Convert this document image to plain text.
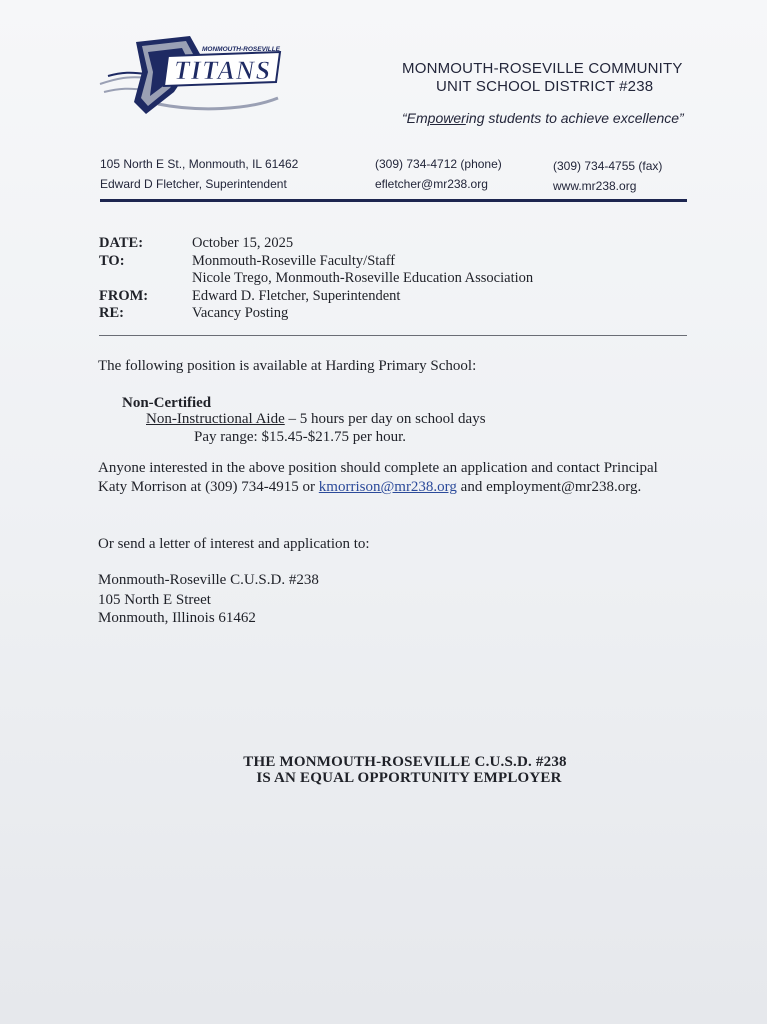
MONMOUTH-ROSEVILLE
TITANS	MONMOUTH-ROSEVILLE COMMUNITY
UNIT SCHOOL DISTRICT #238
“Empowering students to achieve excellence”
105 North E St., Monmouth, IL 61462
Edward D Fletcher, Superintendent
(309) 734-4712 (phone)
efletcher@mr238.org
(309) 734-4755 (fax)
www.mr238.org
DATE:	October 15, 2025
TO:	Monmouth-Roseville Faculty/Staff
Nicole Trego, Monmouth-Roseville Education Association
FROM:	Edward D. Fletcher, Superintendent
RE:	Vacancy Posting
The following position is available at Harding Primary School:
Non-Certified
Non-Instructional Aide – 5 hours per day on school days
Pay range: $15.45-$21.75 per hour.
Anyone interested in the above position should complete an application and contact Principal
Katy Morrison at (309) 734-4915 or kmorrison@mr238.org and employment@mr238.org.
Or send a letter of interest and application to:
Monmouth-Roseville C.U.S.D. #238
105 North E Street
Monmouth, Illinois 61462
THE MONMOUTH-ROSEVILLE C.U.S.D. #238
IS AN EQUAL OPPORTUNITY EMPLOYER
